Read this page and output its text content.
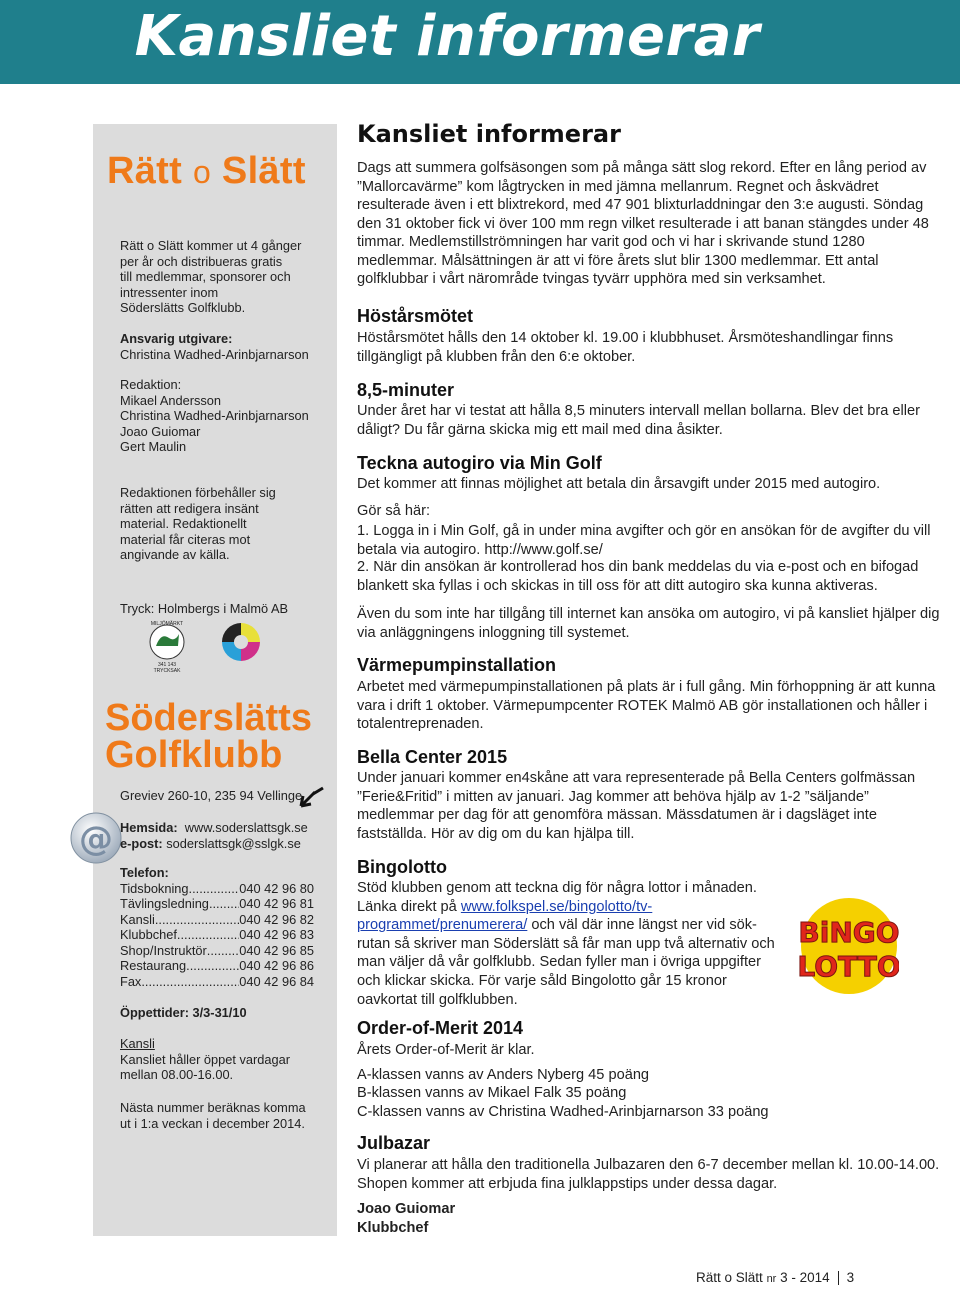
Kansliet informerar

Rätt o Slätt

Rätt o Slätt kommer ut 4 gånger
per år och distribueras gratis
till medlemmar, sponsorer och
intressenter inom
Söderslätts Golfklubb.

Ansvarig utgivare:
Christina Wadhed-Arinbjarnarson

Redaktion:
Mikael Andersson
Christina Wadhed-Arinbjarnarson
Joao Guiomar
Gert Maulin

Redaktionen förbehåller sig
rätten att redigera insänt
material. Redaktionellt
material får citeras mot
angivande av källa.

Tryck: Holmbergs i Malmö AB

MILJÖMÄRKT
341 143
TRYCKSAK

Söderslätts
Golfklubb

Greviev 260-10, 235 94 Vellinge

@ Hemsida: www.soderslattsgk.se
e-post: soderslattsgk@sslgk.se

Telefon:
Tidsbokning .....	040 42 96 80
Tävlingsledning ..... 040 42 96 81
Kansli .....	040 42 96 82
Klubbchef .....	040 42 96 83
Shop/Instruktör .....	040 42 96 85
Restaurang .....	040 42 96 86
Fax .....	040 42 96 84

Öppettider: 3/3-31/10

Kansli
Kansliet håller öppet vardagar
mellan 08.00-16.00.

Nästa nummer beräknas komma
ut i 1:a veckan i december 2014.

Kansliet informerar

Dags att summera golfsäsongen som på många sätt slog rekord. Efter en lång period av ”Mallorcavärme” kom lågtrycken in med jämna mellanrum. Regnet och åskvädret resulterade även i ett blixtrekord, med 47 901 blixturladdningar den 3:e augusti. Söndag den 31 oktober fick vi över 100 mm regn vilket resulterade i att banan stängdes under 48 timmar. Medlemstillströmningen har varit god och vi har i skrivande stund 1280 medlemmar. Målsättningen är att vi före årets slut blir 1300 medlemmar. Ett antal golfklubbar i vårt närområde tvingas tyvärr upphöra med sin verksamhet.

Höstårsmötet

Höstårsmötet hålls den 14 oktober kl. 19.00 i klubbhuset. Årsmöteshandlingar finns tillgängligt på klubben från den 6:e oktober.

8,5-minuter

Under året har vi testat att hålla 8,5 minuters intervall mellan bollarna. Blev det bra eller dåligt? Du får gärna skicka mig ett mail med dina åsikter.

Teckna autogiro via Min Golf

Det kommer att finnas möjlighet att betala din årsavgift under 2015 med autogiro.

Gör så här:

1. Logga in i Min Golf, gå in under mina avgifter och gör en ansökan för de avgifter du vill betala via autogiro. http://www.golf.se/

2. När din ansökan är kontrollerad hos din bank meddelas du via e-post och en bifogad blankett ska fyllas i och skickas in till oss för att ditt autogiro ska kunna aktiveras.

Även du som inte har tillgång till internet kan ansöka om autogiro, vi på kansliet hjälper dig via anläggningens inloggning till systemet.

Värmepumpinstallation

Arbetet med värmepumpinstallationen på plats är i full gång. Min förhoppning är att kunna vara i drift 1 oktober. Värmepumpcenter ROTEK Malmö AB gör installationen och håller i totalentreprenaden.

Bella Center 2015

Under januari kommer en4skåne att vara representerade på Bella Centers golfmässan ”Ferie&Fritid” i mitten av januari. Jag kommer att behöva hjälp av 1-2 ”säljande” medlemmar per dag för att genomföra mässan. Mässdatumen är i dagsläget inte fastställda. Hör av dig om du kan hjälpa till.

Bingolotto

Stöd klubben genom att teckna dig för några lottor i månaden. Länka direkt på www.folkspel.se/bingolotto/tv-programmet/prenumerera/ och väl där inne längst ner vid sök-rutan så skriver man Söderslätt så får man upp två alternativ och man väljer då vår golfklubb. Sedan fyller man i övriga uppgifter och klickar skicka. För varje såld Bingolotto går 15 kronor oavkortat till golfklubben.

BiNGO
LOTTO
Order-of-Merit 2014

Årets Order-of-Merit är klar.
A-klassen vanns av Anders Nyberg 45 poäng
B-klassen vanns av Mikael Falk 35 poäng
C-klassen vanns av Christina Wadhed-Arinbjarnarson 33 poäng

Julbazar

Vi planerar att hålla den traditionella Julbazaren den 6-7 december mellan kl. 10.00-14.00. Shopen kommer att erbjuda fina julklappstips under dessa dagar.

Joao Guiomar
Klubbchef

Rätt o Slätt nr 3 - 2014 3
